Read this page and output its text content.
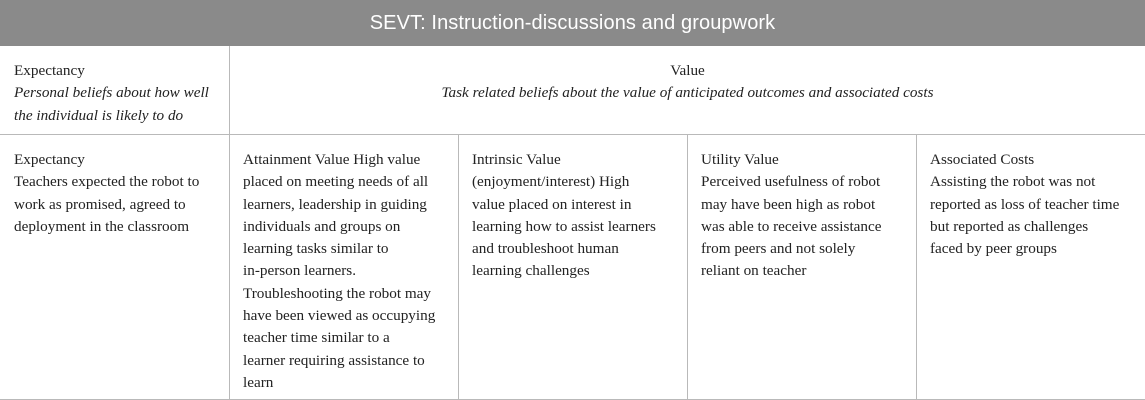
SEVT: Instruction-discussions and groupwork
Expectancy
Personal beliefs about how well
the individual is likely to do
Value
Task related beliefs about the value of anticipated outcomes and associated costs
Expectancy
Teachers expected the robot to
work as promised, agreed to
deployment in the classroom
Attainment Value High value
placed on meeting needs of all
learners, leadership in guiding
individuals and groups on
learning tasks similar to
in-person learners.
Troubleshooting the robot may
have been viewed as occupying
teacher time similar to a
learner requiring assistance to
learn
Intrinsic Value
(enjoyment/interest) High
value placed on interest in
learning how to assist learners
and troubleshoot human
learning challenges
Utility Value
Perceived usefulness of robot
may have been high as robot
was able to receive assistance
from peers and not solely
reliant on teacher
Associated Costs
Assisting the robot was not
reported as loss of teacher time
but reported as challenges
faced by peer groups
